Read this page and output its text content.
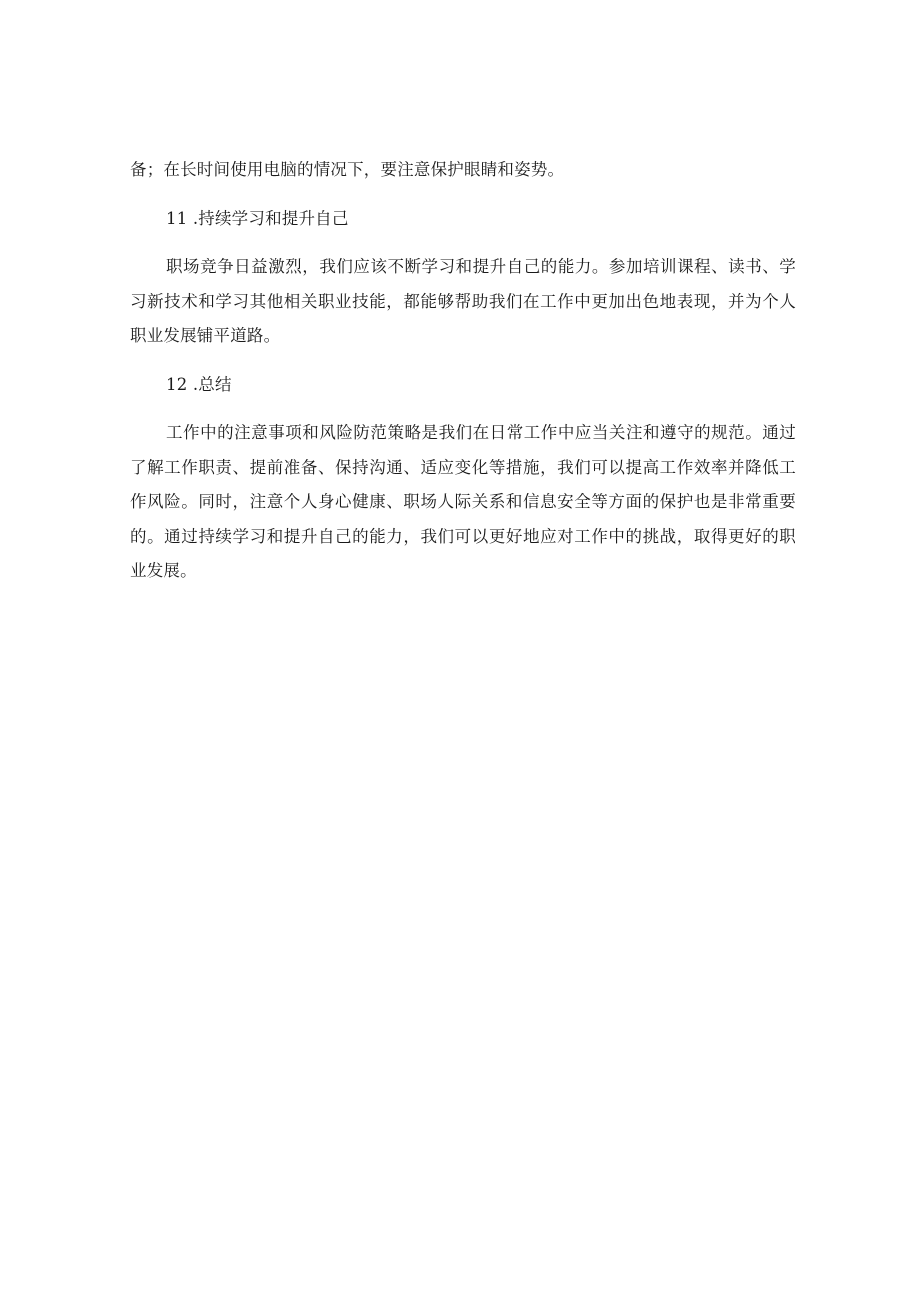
备；在长时间使用电脑的情况下，要注意保护眼睛和姿势。

11 .持续学习和提升自己

职场竞争日益激烈，我们应该不断学习和提升自己的能力。参加培训课程、读书、学习新技术和学习其他相关职业技能，都能够帮助我们在工作中更加出色地表现，并为个人职业发展铺平道路。

12 .总结

工作中的注意事项和风险防范策略是我们在日常工作中应当关注和遵守的规范。通过了解工作职责、提前准备、保持沟通、适应变化等措施，我们可以提高工作效率并降低工作风险。同时，注意个人身心健康、职场人际关系和信息安全等方面的保护也是非常重要的。通过持续学习和提升自己的能力，我们可以更好地应对工作中的挑战，取得更好的职业发展。
